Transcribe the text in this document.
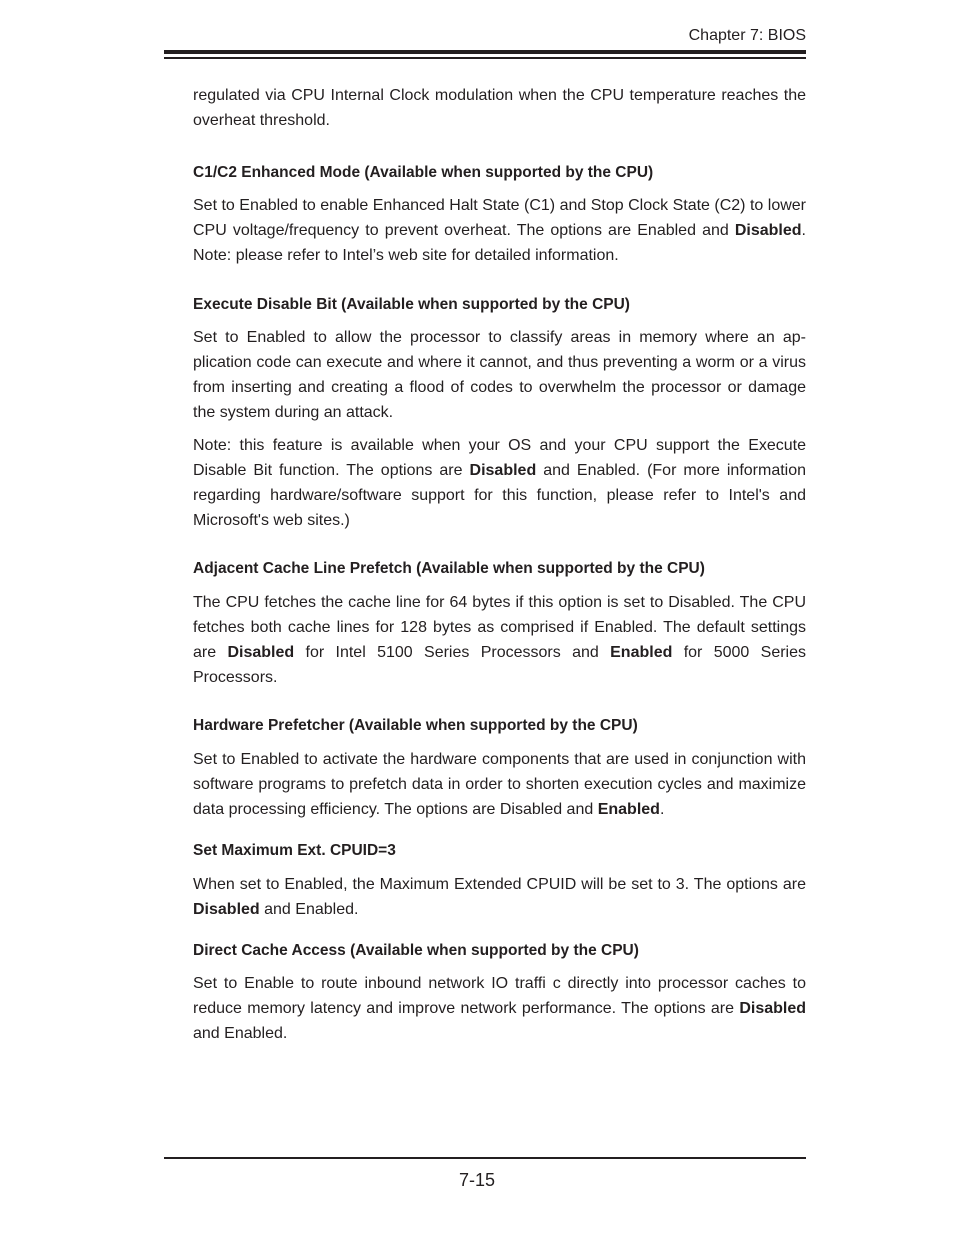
Chapter 7: BIOS

regulated via CPU Internal Clock modulation when the CPU temperature reaches the overheat threshold.

C1/C2 Enhanced Mode (Available when supported by the CPU)

Set to Enabled to enable Enhanced Halt State (C1) and Stop Clock State (C2) to lower CPU voltage/frequency to prevent overheat. The options are Enabled and Disabled. Note: please refer to Intel’s web site for detailed information.

Execute Disable Bit (Available when supported by the CPU)

Set to Enabled to allow the processor to classify areas in memory where an ap- plication code can execute and where it cannot, and thus preventing a worm or a virus from inserting and creating a flood of codes to overwhelm the processor or damage the system during an attack.

Note: this feature is available when your OS and your CPU support the Execute Disable Bit function. The options are Disabled and Enabled. (For more information regarding hardware/software support for this function, please refer to Intel's and Microsoft's web sites.)

Adjacent Cache Line Prefetch (Available when supported by the CPU)

The CPU fetches the cache line for 64 bytes if this option is set to Disabled. The CPU fetches both cache lines for 128 bytes as comprised if Enabled. The default settings are Disabled for Intel 5100 Series Processors and Enabled for 5000 Series Processors.

Hardware Prefetcher (Available when supported by the CPU)

Set to Enabled to activate the hardware components that are used in conjunction with software programs to prefetch data in order to shorten execution cycles and maximize data processing efficiency. The options are Disabled and Enabled.

Set Maximum Ext. CPUID=3

When set to Enabled, the Maximum Extended CPUID will be set to 3. The options are Disabled and Enabled.

Direct Cache Access (Available when supported by the CPU)

Set to Enable to route inbound network IO traffi c directly into processor caches to reduce memory latency and improve network performance. The options are Disabled and Enabled.

7-15
